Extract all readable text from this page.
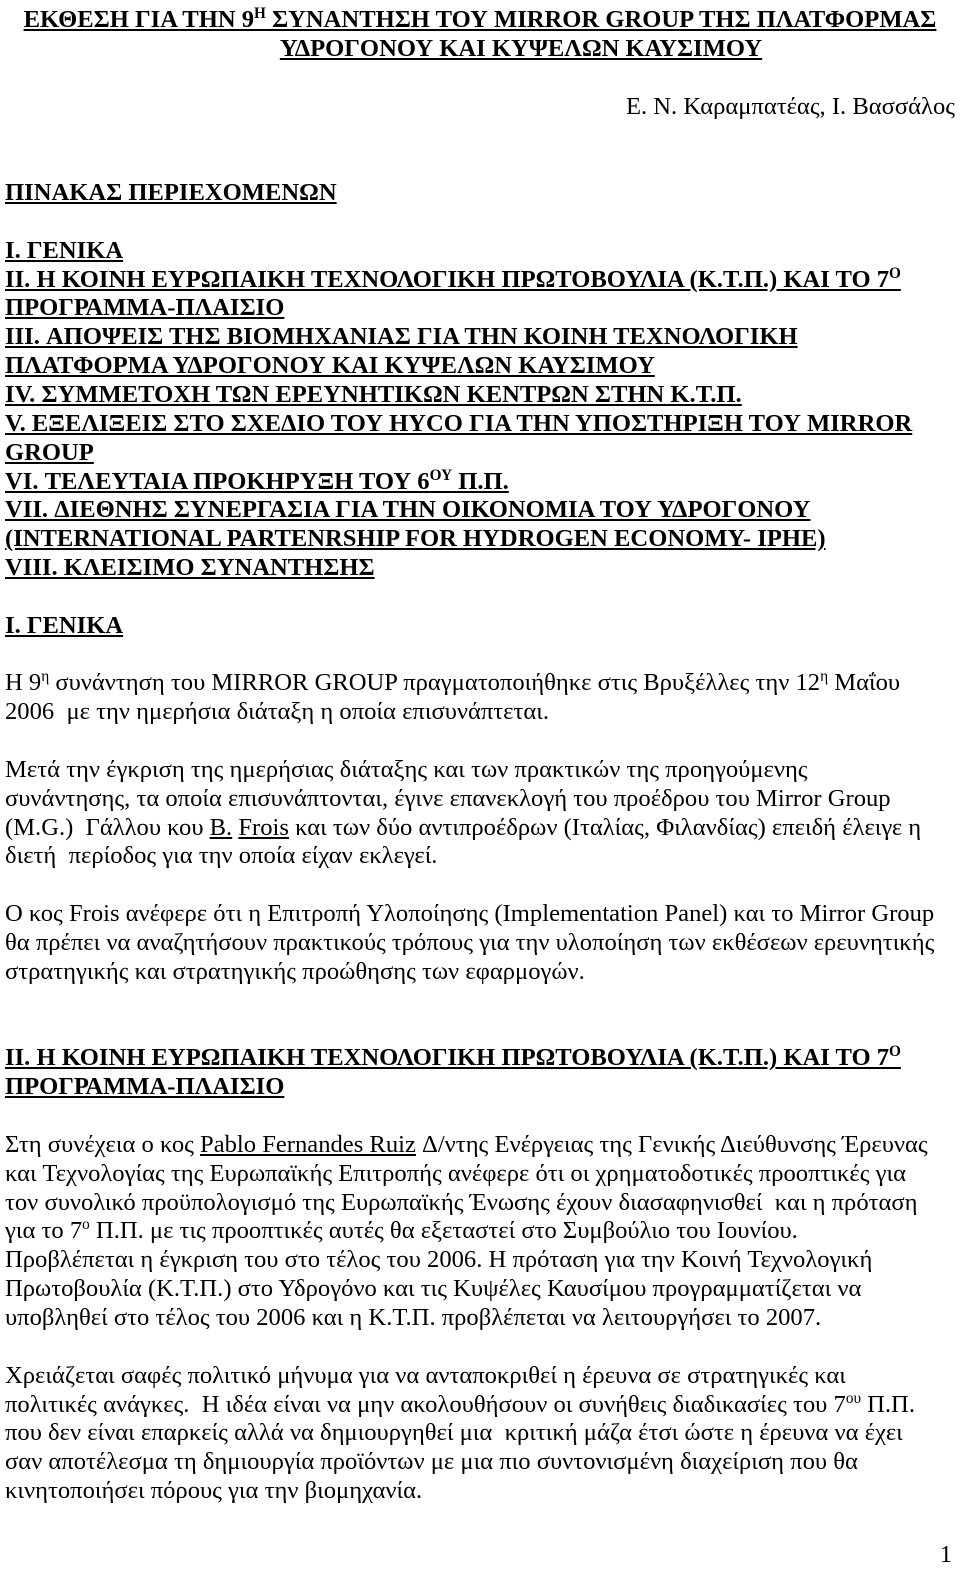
ΕΚΘΕΣΗ ΓΙΑ ΤΗΝ $9^H$ ΣΥΝΑΝΤΗΣΗ ΤΟΥ MIRROR GROUP ΤΗΣ ΠΛΑΤΦΟΡΜΑΣ
ΥΔΡΟΓΟΝΟΥ ΚΑΙ ΚΥΨΕΛΩΝ ΚΑΥΣΙΜΟΥ
Ε. Ν. Καραμπατέας, Ι. Βασσάλος
ΠΙΝΑΚΑΣ ΠΕΡΙΕΧΟΜΕΝΩΝ
I. ΓΕΝΙΚΑ
II. Η ΚΟΙΝΗ ΕΥΡΩΠΑΙΚΗ ΤΕΧΝΟΛΟΓΙΚΗ ΠΡΩΤΟΒΟΥΛΙΑ (Κ.Τ.Π.) ΚΑΙ ΤΟ $7^O$
ΠΡΟΓΡΑΜΜΑ-ΠΛΑΙΣΙΟ
III. ΑΠΟΨΕΙΣ ΤΗΣ ΒΙΟΜΗΧΑΝΙΑΣ ΓΙΑ ΤΗΝ ΚΟΙΝΗ ΤΕΧΝΟΛΟΓΙΚΗ
ΠΛΑΤΦΟΡΜΑ ΥΔΡΟΓΟΝΟΥ ΚΑΙ ΚΥΨΕΛΩΝ ΚΑΥΣΙΜΟΥ
IV. ΣΥΜΜΕΤΟΧΗ ΤΩΝ ΕΡΕΥΝΗΤΙΚΩΝ ΚΕΝΤΡΩΝ ΣΤΗΝ Κ.Τ.Π.
V. ΕΞΕΛΙΞΕΙΣ ΣΤΟ ΣΧΕΔΙΟ ΤΟΥ HYCO ΓΙΑ ΤΗΝ ΥΠΟΣΤΗΡΙΞΗ ΤΟΥ MIRROR
GROUP
VI. ΤΕΛΕΥΤΑΙΑ ΠΡΟΚΗΡΥΞΗ ΤΟΥ $6^{O\Upsilon}$ Π.Π.
VII. ΔΙΕΘΝΗΣ ΣΥΝΕΡΓΑΣΙΑ ΓΙΑ ΤΗΝ ΟΙΚΟΝΟΜΙΑ ΤΟΥ ΥΔΡΟΓΟΝΟΥ
(INTERNATIONAL PARTENRSHIP FOR HYDROGEN ECONOMY- IPHE)
VIII. ΚΛΕΙΣΙΜΟ ΣΥΝΑΝΤΗΣΗΣ
I. ΓΕΝΙΚΑ
Η $9^\eta$ συνάντηση του MIRROR GROUP πραγματοποιήθηκε στις Βρυξέλλες την $12^\eta$ Μαΐου
2006  με την ημερήσια διάταξη η οποία επισυνάπτεται.
Μετά την έγκριση της ημερήσιας διάταξης και των πρακτικών της προηγούμενης
συνάντησης, τα οποία επισυνάπτονται, έγινε επανεκλογή του προέδρου του Mirror Group
(M.G.)  Γάλλου κου B. Frois και των δύο αντιπροέδρων (Ιταλίας, Φιλανδίας) επειδή έλειγε η
διετή  περίοδος για την οποία είχαν εκλεγεί.
Ο κος Frois ανέφερε ότι η Επιτροπή Υλοποίησης (Implementation Panel) και το Mirror Group
θα πρέπει να αναζητήσουν πρακτικούς τρόπους για την υλοποίηση των εκθέσεων ερευνητικής
στρατηγικής και στρατηγικής προώθησης των εφαρμογών.
II. Η ΚΟΙΝΗ ΕΥΡΩΠΑΙΚΗ ΤΕΧΝΟΛΟΓΙΚΗ ΠΡΩΤΟΒΟΥΛΙΑ (Κ.Τ.Π.) ΚΑΙ ΤΟ $7^O$
ΠΡΟΓΡΑΜΜΑ-ΠΛΑΙΣΙΟ
Στη συνέχεια ο κος Pablo Fernandes Ruiz Δ/ντης Ενέργειας της Γενικής Διεύθυνσης Έρευνας
και Τεχνολογίας της Ευρωπαϊκής Επιτροπής ανέφερε ότι οι χρηματοδοτικές προοπτικές για
τον συνολικό προϋπολογισμό της Ευρωπαϊκής Ένωσης έχουν διασαφηνισθεί  και η πρόταση
για το $7^o$ Π.Π. με τις προοπτικές αυτές θα εξεταστεί στο Συμβούλιο του Ιουνίου.
Προβλέπεται η έγκριση του στο τέλος του 2006. Η πρόταση για την Κοινή Τεχνολογική
Πρωτοβουλία (Κ.Τ.Π.) στο Υδρογόνο και τις Κυψέλες Καυσίμου προγραμματίζεται να
υποβληθεί στο τέλος του 2006 και η Κ.Τ.Π. προβλέπεται να λειτουργήσει το 2007.
Χρειάζεται σαφές πολιτικό μήνυμα για να ανταποκριθεί η έρευνα σε στρατηγικές και
πολιτικές ανάγκες.  Η ιδέα είναι να μην ακολουθήσουν οι συνήθεις διαδικασίες του $7^{o\upsilon}$ Π.Π.
που δεν είναι επαρκείς αλλά να δημιουργηθεί μια  κριτική μάζα έτσι ώστε η έρευνα να έχει
σαν αποτέλεσμα τη δημιουργία προϊόντων με μια πιο συντονισμένη διαχείριση που θα
κινητοποιήσει πόρους για την βιομηχανία.
1
